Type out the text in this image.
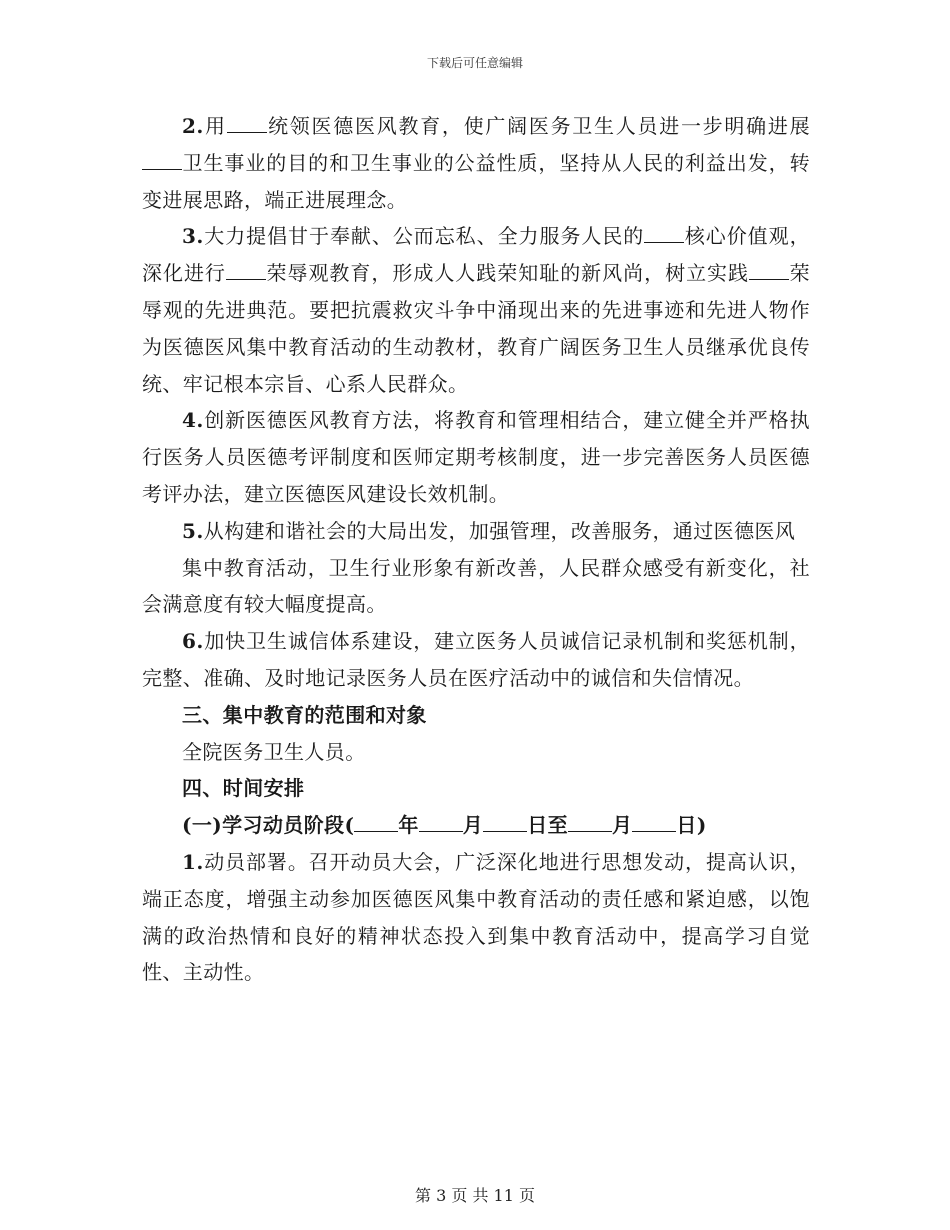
下载后可任意编辑

2.用 统领医德医风教育，使广阔医务卫生人员进一步明确进展卫生事业的目的和卫生事业的公益性质，坚持从人民的利益出发，转变进展思路，端正进展理念。

3.大力提倡甘于奉献、公而忘私、全力服务人民的 核心价值观，深化进行 荣辱观教育，形成人人践荣知耻的新风尚，树立实践 荣辱观的先进典范。要把抗震救灾斗争中涌现出来的先进事迹和先进人物作为医德医风集中教育活动的生动教材，教育广阔医务卫生人员继承优良传统、牢记根本宗旨、心系人民群众。

4.创新医德医风教育方法，将教育和管理相结合，建立健全并严格执行医务人员医德考评制度和医师定期考核制度，进一步完善医务人员医德考评办法，建立医德医风建设长效机制。

5.从构建和谐社会的大局出发，加强管理，改善服务，通过医德医风

集中教育活动，卫生行业形象有新改善，人民群众感受有新变化，社会满意度有较大幅度提高。

6.加快卫生诚信体系建设，建立医务人员诚信记录机制和奖惩机制，完整、准确、及时地记录医务人员在医疗活动中的诚信和失信情况。

三、集中教育的范围和对象

全院医务卫生人员。

四、时间安排

(一)学习动员阶段( 年 月 日至 月 日)

1.动员部署。召开动员大会，广泛深化地进行思想发动，提高认识，端正态度，增强主动参加医德医风集中教育活动的责任感和紧迫感，以饱满的政治热情和良好的精神状态投入到集中教育活动中，提高学习自觉性、主动性。

第 3 页 共 11 页
